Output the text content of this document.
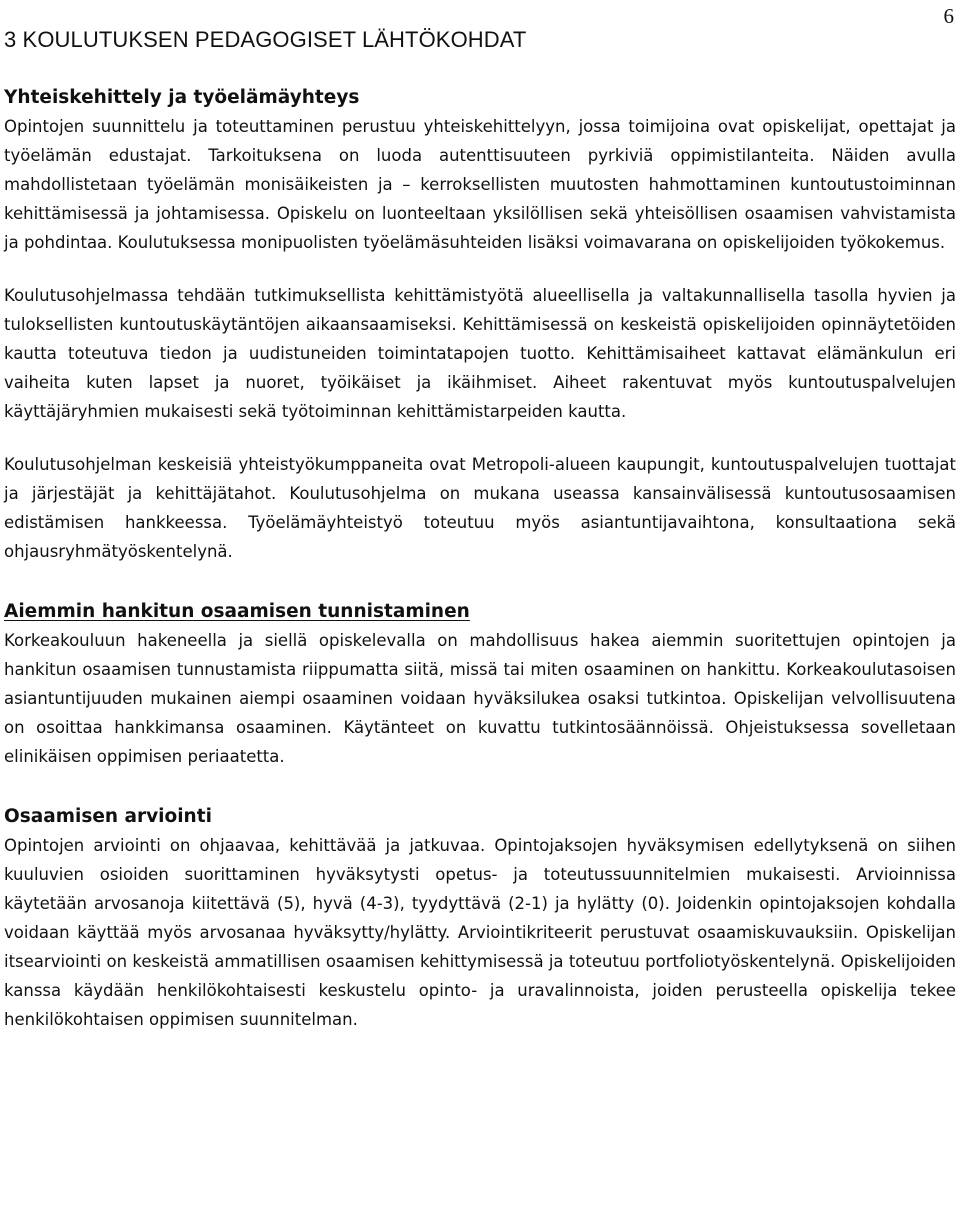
6
3 KOULUTUKSEN PEDAGOGISET LÄHTÖKOHDAT
Yhteiskehittely ja työelämäyhteys

Opintojen suunnittelu ja toteuttaminen perustuu yhteiskehittelyyn, jossa toimijoina ovat opiskelijat, opettajat ja työelämän edustajat. Tarkoituksena on luoda autenttisuuteen pyrkiviä oppimistilanteita. Näiden avulla mahdollistetaan työelämän monisäikeisten ja – kerroksellisten muutosten hahmottaminen kuntoutustoiminnan kehittämisessä ja johtamisessa. Opiskelu on luonteeltaan yksilöllisen sekä yhteisöllisen osaamisen vahvistamista ja pohdintaa. Koulutuksessa monipuolisten työelämäsuhteiden lisäksi voimavarana on opiskelijoiden työkokemus.

Koulutusohjelmassa tehdään tutkimuksellista kehittämistyötä alueellisella ja valtakunnallisella tasolla hyvien ja tuloksellisten kuntoutuskäytäntöjen aikaansaamiseksi. Kehittämisessä on keskeistä opiskelijoiden opinnäytetöiden kautta toteutuva tiedon ja uudistuneiden toimintatapojen tuotto. Kehittämisaiheet kattavat elämänkulun eri vaiheita kuten lapset ja nuoret, työikäiset ja ikäihmiset. Aiheet rakentuvat myös kuntoutuspalvelujen käyttäjäryhmien mukaisesti sekä työtoiminnan kehittämistarpeiden kautta.

Koulutusohjelman keskeisiä yhteistyökumppaneita ovat Metropoli-alueen kaupungit, kuntoutuspalvelujen tuottajat ja järjestäjät ja kehittäjätahot. Koulutusohjelma on mukana useassa kansainvälisessä kuntoutusosaamisen edistämisen hankkeessa. Työelämäyhteistyö toteutuu myös asiantuntijavaihtona, konsultaationa sekä ohjausryhmätyöskentelynä.

Aiemmin hankitun osaamisen tunnistaminen

Korkeakouluun hakeneella ja siellä opiskelevalla on mahdollisuus hakea aiemmin suoritettujen opintojen ja hankitun osaamisen tunnustamista riippumatta siitä, missä tai miten osaaminen on hankittu. Korkeakoulutasoisen asiantuntijuuden mukainen aiempi osaaminen voidaan hyväksilukea osaksi tutkintoa. Opiskelijan velvollisuutena on osoittaa hankkimansa osaaminen. Käytänteet on kuvattu tutkintosäännöissä. Ohjeistuksessa sovelletaan elinikäisen oppimisen periaatetta.

Osaamisen arviointi

Opintojen arviointi on ohjaavaa, kehittävää ja jatkuvaa. Opintojaksojen hyväksymisen edellytyksenä on siihen kuuluvien osioiden suorittaminen hyväksytysti opetus- ja toteutussuunnitelmien mukaisesti. Arvioinnissa käytetään arvosanoja kiitettävä (5), hyvä (4-3), tyydyttävä (2-1) ja hylätty (0). Joidenkin opintojaksojen kohdalla voidaan käyttää myös arvosanaa hyväksytty/hylätty. Arviointikriteerit perustuvat osaamiskuvauksiin. Opiskelijan itsearviointi on keskeistä ammatillisen osaamisen kehittymisessä ja toteutuu portfoliotyöskentelynä. Opiskelijoiden kanssa käydään henkilökohtaisesti keskustelu opinto- ja uravalinnoista, joiden perusteella opiskelija tekee henkilökohtaisen oppimisen suunnitelman.
